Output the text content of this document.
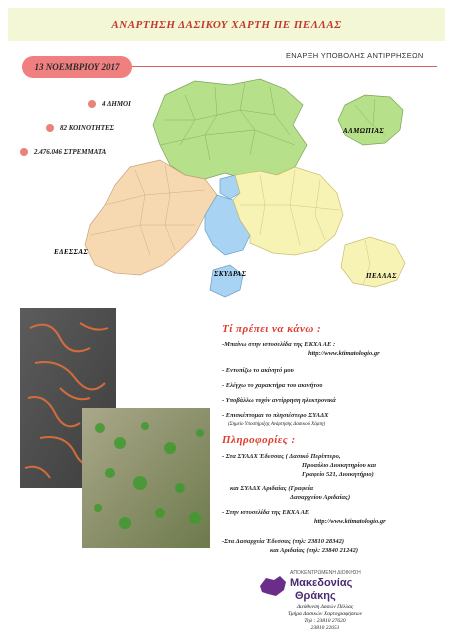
ΑΝΑΡΤΗΣΗ ΔΑΣΙΚΟΥ ΧΑΡΤΗ ΠΕ ΠΕΛΛΑΣ
13 ΝΟΕΜΒΡΙΟΥ 2017
ΕΝΑΡΞΗ ΥΠΟΒΟΛΗΣ ΑΝΤΙΡΡΗΣΕΩΝ
4 ΔΗΜΟΙ
82 ΚΟΙΝΟΤΗΤΕΣ
2.476.046 ΣΤΡΕΜΜΑΤΑ
ΑΛΜΩΠΙΑΣ
ΕΔΕΣΣΑΣ
ΣΚΥΔΡΑΣ	ΠΕΛΛΑΣ
Τί πρέπει να κάνω :
-Μπαίνω στην ιστοσελίδα της ΕΚΧΑ ΑΕ :
http://www.ktimatologio.gr
- Εντοπίζω το ακίνητό μου
- Ελέγχω το χαρακτήρα του ακινήτου
- Υποβάλλω τυχόν αντίρρηση ηλεκτρονικά
- Επισκέπτομαι το πλησιέστερο ΣΥΑΔΧ
(Σημείο Υποστήριξης Ανάρτησης Δασικού Χάρτη)
Πληροφορίες :
- Στα ΣΥΑΔΧ Έδεσσας ( Δασικό Περίπτερο,
Προαύλιο Διοικητηρίου και
Γραφείο 521, Διοικητήριο)
και ΣΥΑΔΧ Αριδαίας (Γραφεία
Δασαρχείου Αριδαίας)
- Στην ιστοσελίδα της ΕΚΧΑ ΑΕ
http://www.ktimatologio.gr
-Στα Δασαρχεία Έδεσσας (τηλ: 23810 28342)
και Αριδαίας (τηλ: 23840 21242)
ΑΠΟΚΕΝΤΡΩΜΕΝΗ ΔΙΟΙΚΗΣΗ
Μακεδονίας
Θράκης
Διεύθυνση Δασών Πέλλας
Τμήμα Δασικών Χαρτογραφήσεων
Τηλ : 23810 27620
23810 22651
